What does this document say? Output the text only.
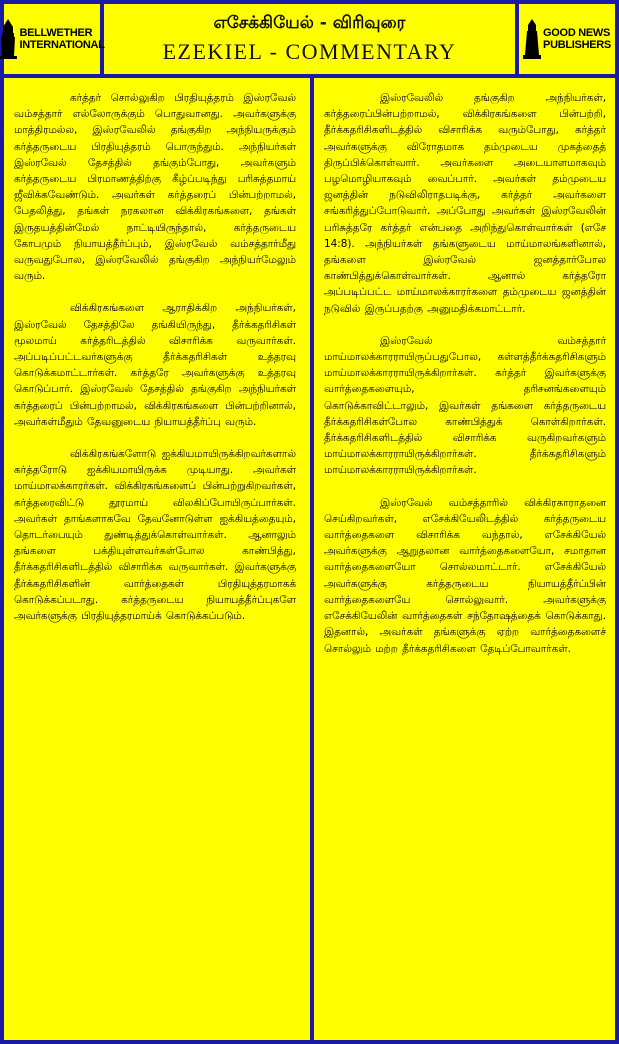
BELLWETHER
INTERNATIONAL
எசேக்கியேல் - விரிவுரை
EZEKIEL - COMMENTARY
GOOD NEWS
PUBLISHERS

கர்த்தர் சொல்லுகிற பிரதியுத்தரம் இஸ்ரவேல் வம்சத்தார் எல்லோருக்கும் பொதுவானது. அவர்களுக்கு மாத்திரமல்ல, இஸ்ரவேலில் தங்குகிற அந்நியருக்கும் கர்த்தருடைய பிரதியுத்தரம் பொருந்தும். அந்நியர்கள் இஸ்ரவேல் தேசத்தில் தங்கும்போது, அவர்களும் கர்த்தருடைய பிரமாணத்திற்கு கீழ்ப்படிந்து பரிசுத்தமாய் ஜீவிக்கவேண்டும். அவர்கள் கர்த்தரைப் பின்பற்றாமல், பேதலித்து, தங்கள் நரகலான விக்கிரகங்களை, தங்கள் இருதயத்தின்மேல் நாட்டியிருந்தால், கர்த்தருடைய கோபமும் நியாயத்தீர்ப்பும், இஸ்ரவேல் வம்சத்தார்மீது வருவதுபோல, இஸ்ரவேலில் தங்குகிற அந்நியர்மேலும் வரும்.

விக்கிரகங்களை ஆராதிக்கிற அந்நியர்கள், இஸ்ரவேல் தேசத்திலே தங்கியிருந்து, தீர்க்கதரிசிகள் மூலமாய் கர்த்தரிடத்தில் விசாரிக்க வருவார்கள். அப்படிப்பட்டவர்களுக்கு தீர்க்கதரிசிகள் உத்தரவு கொடுக்கமாட்டார்கள். கர்த்தரே அவர்களுக்கு உத்தரவு கொடுப்பார். இஸ்ரவேல் தேசத்தில் தங்குகிற அந்நியர்கள் கர்த்தரைப் பின்பற்றாமல், விக்கிரகங்களை பின்பற்றினால், அவர்கள்மீதும் தேவனுடைய நியாயத்தீர்ப்பு வரும்.

விக்கிரகங்களோடு ஐக்கியமாயிருக்கிறவர்களால் கர்த்தரோடு ஐக்கியமாயிருக்க முடியாது. அவர்கள் மாய்மாலக்காரர்கள். விக்கிரகங்களைப் பின்பற்றுகிறவர்கள், கர்த்தரைவிட்டு தூரமாய் விலகிப்போயிருப்பார்கள். அவர்கள் தாங்களாகவே தேவனோடுள்ள ஐக்கியத்தையும், தொடர்பையும் துண்டித்துக்கொள்வார்கள். ஆனாலும் தங்களை பக்தியுள்ளவர்கள்போல காண்பித்து, தீர்க்கதரிசிகளிடத்தில் விசாரிக்க வருவார்கள். இவர்களுக்கு தீர்க்கதரிசிகளின் வார்த்தைகள் பிரதியுத்தரமாகக் கொடுக்கப்படாது. கர்த்தருடைய நியாயத்தீர்ப்புகளே அவர்களுக்கு பிரதியுத்தரமாய்க் கொடுக்கப்படும்.

இஸ்ரவேலில் தங்குகிற அந்நியர்கள், கர்த்தரைப்பின்பற்றாமல், விக்கிரகங்களை பின்பற்றி, தீர்க்கதரிசிகளிடத்தில் விசாரிக்க வரும்போது, கர்த்தர் அவர்களுக்கு விரோதமாக தம்முடைய முகத்தைத் திருப்பிக்கொள்வார். அவர்களை அடையாளமாகவும் பழமொழியாகவும் வைப்பார். அவர்கள் தம்முடைய ஜனத்தின் நடுவிலிராதபடிக்கு, கர்த்தர் அவர்களை சங்கரித்துப்போடுவார். அப்போது அவர்கள் இஸ்ரவேலின் பரிசுத்தரே கர்த்தர் என்பதை அறிந்துகொள்வார்கள் (எசே 14:8). அந்நியர்கள் தங்களுடைய மாய்மாலங்களினால், தங்களை இஸ்ரவேல் ஜனத்தார்போல காண்பித்துக்கொள்வார்கள். ஆனால் கர்த்தரோ அப்படிப்பட்ட மாய்மாலக்காரர்களை தம்முடைய ஜனத்தின் நடுவில் இருப்பதற்கு அனுமதிக்கமாட்டார்.

இஸ்ரவேல் வம்சத்தார் மாய்மாலக்காரராயிருப்பதுபோல, கள்ளத்தீர்க்கதரிசிகளும் மாய்மாலக்காரராயிருக்கிறார்கள். கர்த்தர் இவர்களுக்கு வார்த்தைகளையும், தரிசனங்களையும் கொடுக்காவிட்டாலும், இவர்கள் தங்களை கர்த்தருடைய தீர்க்கதரிசிகள்போல காண்பித்துக் கொள்கிறார்கள். தீர்க்கதரிசிகளிடத்தில் விசாரிக்க வருகிறவர்களும் மாய்மாலக்காரராயிருக்கிறார்கள். தீர்க்கதரிசிகளும் மாய்மாலக்காரராயிருக்கிறார்கள்.

இஸ்ரவேல் வம்சத்தாரில் விக்கிரகாராதனை செய்கிறவர்கள், எசேக்கியேலிடத்தில் கர்த்தருடைய வார்த்தைகளை விசாரிக்க வந்தால், எசேக்கியேல் அவர்களுக்கு ஆறுதலான வார்த்தைகளையோ, சமாதான வார்த்தைகளையோ சொல்லமாட்டார். எசேக்கியேல் அவர்களுக்கு கர்த்தருடைய நியாயத்தீர்ப்பின் வார்த்தைகளையே சொல்லுவார். அவர்களுக்கு எசேக்கியேலின் வார்த்தைகள் சந்தோஷத்தைக் கொடுக்காது. இதனால், அவர்கள் தங்களுக்கு ஏற்ற வார்த்தைகளைச் சொல்லும் மற்ற தீர்க்கதரிசிகளை தேடிப்போவார்கள்.
